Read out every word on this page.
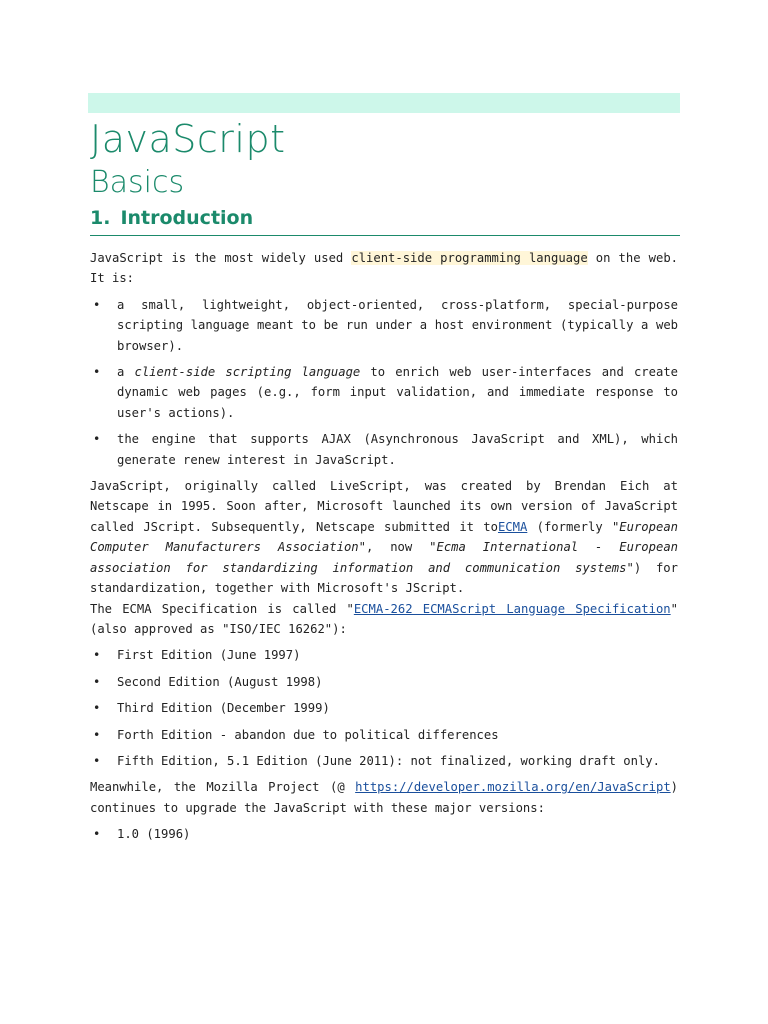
JavaScript
Basics
1. Introduction

JavaScript is the most widely used client-side programming language on the web. It is:

• a small, lightweight, object-oriented, cross-platform, special-purpose scripting language meant to be run under a host environment (typically a web browser).
• a client-side scripting language to enrich web user-interfaces and create dynamic web pages (e.g., form input validation, and immediate response to user's actions).
• the engine that supports AJAX (Asynchronous JavaScript and XML), which generate renew interest in JavaScript.

JavaScript, originally called LiveScript, was created by Brendan Eich at Netscape in 1995. Soon after, Microsoft launched its own version of JavaScript called JScript. Subsequently, Netscape submitted it toECMA (formerly "European Computer Manufacturers Association", now "Ecma International - European association for standardizing information and communication systems") for standardization, together with Microsoft's JScript.

The ECMA Specification is called "ECMA-262 ECMAScript Language Specification" (also approved as "ISO/IEC 16262"):

• First Edition (June 1997)
• Second Edition (August 1998)
• Third Edition (December 1999)
• Forth Edition - abandon due to political differences
• Fifth Edition, 5.1 Edition (June 2011): not finalized, working draft only.

Meanwhile, the Mozilla Project (@ https://developer.mozilla.org/en/JavaScript) continues to upgrade the JavaScript with these major versions:

• 1.0 (1996)
